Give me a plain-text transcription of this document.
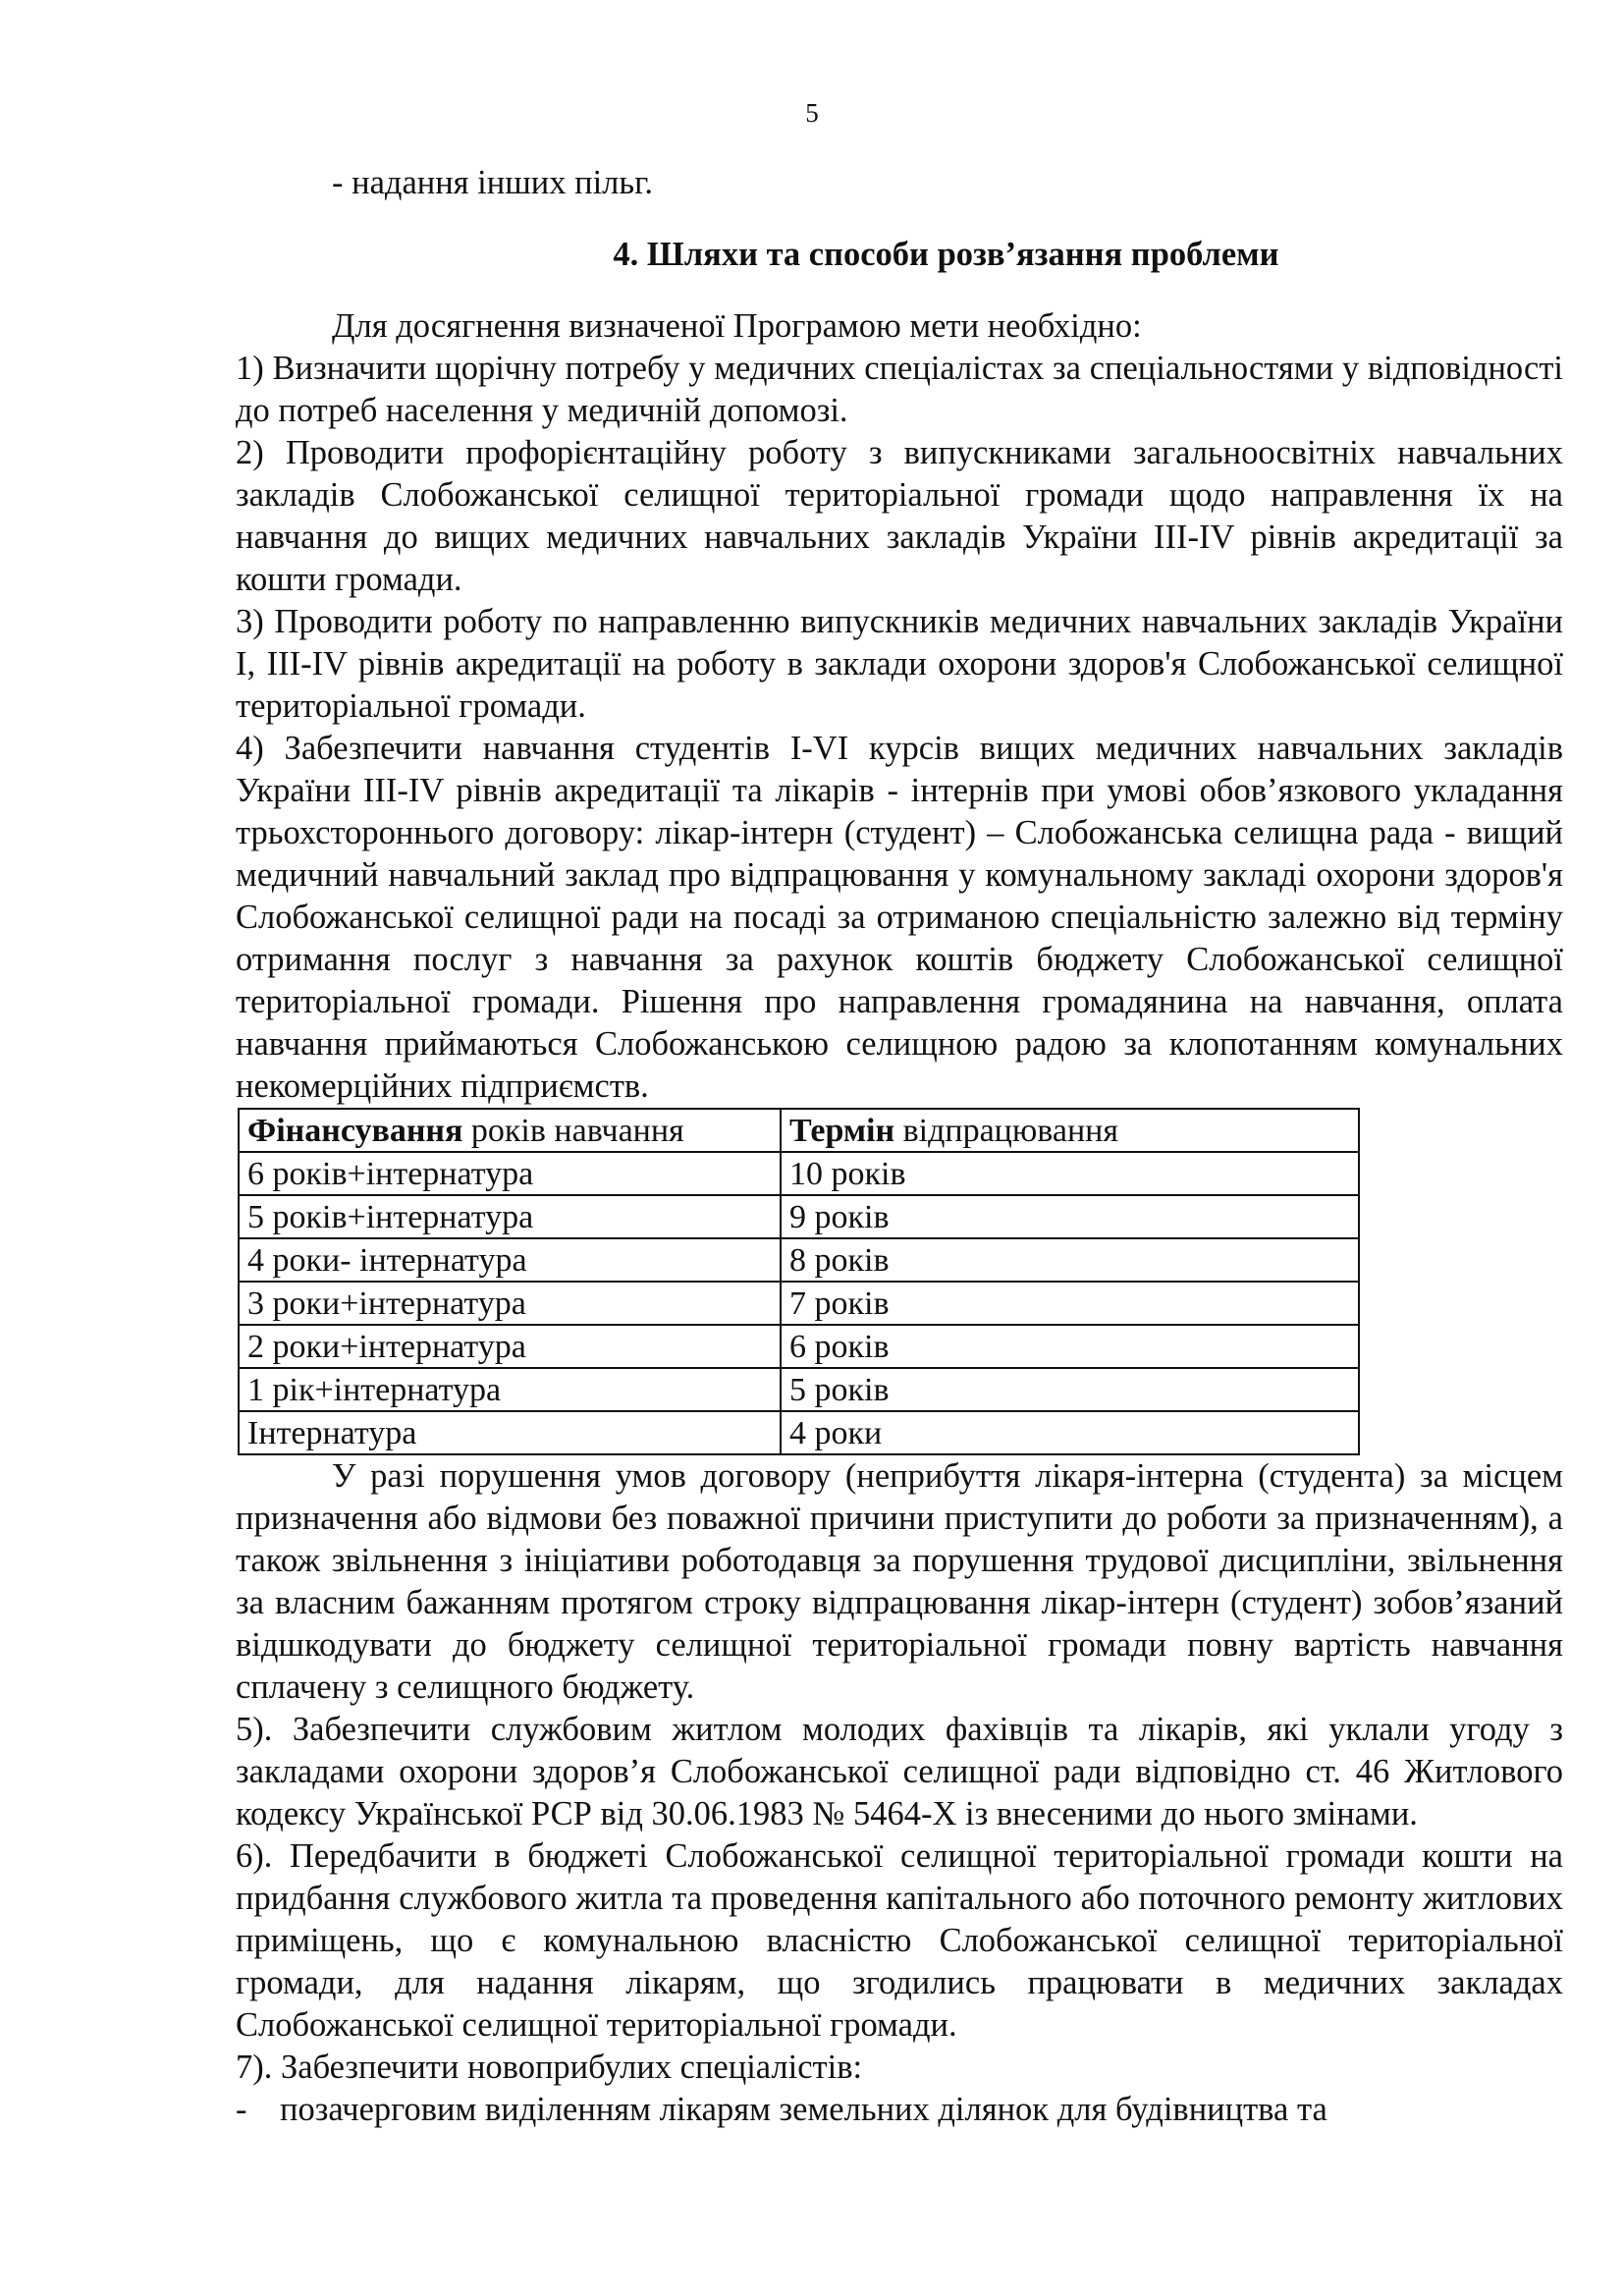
5

- надання інших пільг.

4. Шляхи та способи розв’язання проблеми

Для досягнення визначеної Програмою мети необхідно:

1) Визначити щорічну потребу у медичних спеціалістах за спеціальностями у відповідності до потреб населення у медичній допомозі.

2) Проводити профорієнтаційну роботу з випускниками загальноосвітніх навчальних закладів Слобожанської селищної територіальної громади щодо направлення їх на навчання до вищих медичних навчальних закладів України ІІІ-ІV рівнів акредитації за кошти громади.

3) Проводити роботу по направленню випускників медичних навчальних закладів України І, ІІІ-ІV рівнів акредитації на роботу в заклади охорони здоров'я Слобожанської селищної територіальної громади.

4) Забезпечити навчання студентів І-VІ курсів вищих медичних навчальних закладів України ІІІ-ІV рівнів акредитації та лікарів - інтернів при умові обов’язкового укладання трьохстороннього договору: лікар-інтерн (студент) – Слобожанська селищна рада - вищий медичний навчальний заклад про відпрацювання у комунальному закладі охорони здоров'я Слобожанської селищної ради на посаді за отриманою спеціальністю залежно від терміну отримання послуг з навчання за рахунок коштів бюджету Слобожанської селищної територіальної громади. Рішення про направлення громадянина на навчання, оплата навчання приймаються Слобожанською селищною радою за клопотанням комунальних некомерційних підприємств.

Фінансування років навчання	Термін відпрацювання
6 років+інтернатура	10 років
5 років+інтернатура	9 років
4 роки- інтернатура	8 років
3 роки+інтернатура	7 років
2 роки+інтернатура	6 років
1 рік+інтернатура	5 років
Інтернатура	4 роки

У разі порушення умов договору (неприбуття лікаря-інтерна (студента) за місцем призначення або відмови без поважної причини приступити до роботи за призначенням), а також звільнення з ініціативи роботодавця за порушення трудової дисципліни, звільнення за власним бажанням протягом строку відпрацювання лікар-інтерн (студент) зобов’язаний відшкодувати до бюджету селищної територіальної громади повну вартість навчання сплачену з селищного бюджету.

5). Забезпечити службовим житлом молодих фахівців та лікарів, які уклали угоду з закладами охорони здоров’я Слобожанської селищної ради відповідно ст. 46 Житлового кодексу Української РСР від 30.06.1983 № 5464-X із внесеними до нього змінами.

6). Передбачити в бюджеті Слобожанської селищної територіальної громади кошти на придбання службового житла та проведення капітального або поточного ремонту житлових приміщень, що є комунальною власністю Слобожанської селищної територіальної громади, для надання лікарям, що згодились працювати в медичних закладах Слобожанської селищної територіальної громади.

7). Забезпечити новоприбулих спеціалістів:

- позачерговим виділенням лікарям земельних ділянок для будівництва та
